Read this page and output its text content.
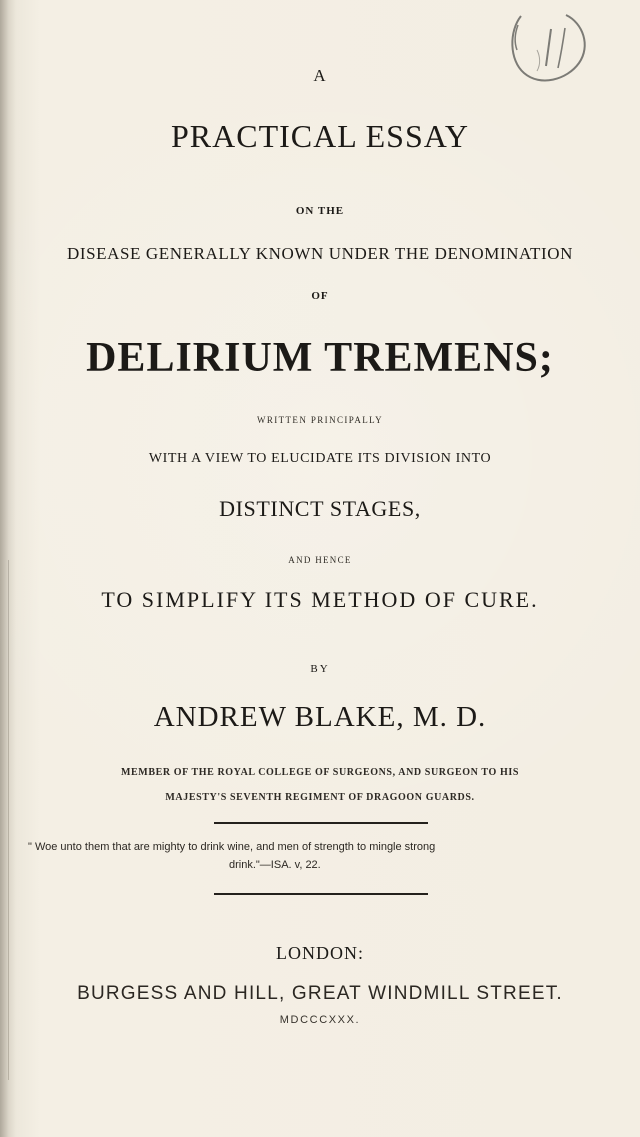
A

PRACTICAL ESSAY

ON THE

DISEASE GENERALLY KNOWN UNDER THE DENOMINATION

OF

DELIRIUM TREMENS;

WRITTEN PRINCIPALLY

WITH A VIEW TO ELUCIDATE ITS DIVISION INTO

DISTINCT STAGES,

AND HENCE

TO SIMPLIFY ITS METHOD OF CURE.

BY

ANDREW BLAKE, M. D.

MEMBER OF THE ROYAL COLLEGE OF SURGEONS, AND SURGEON TO HIS

MAJESTY'S SEVENTH REGIMENT OF DRAGOON GUARDS.

" Woe unto them that are mighty to drink wine, and men of strength to mingle strong

drink."—ISA. v, 22.

LONDON:

BURGESS AND HILL, GREAT WINDMILL STREET.

MDCCCXXX.
